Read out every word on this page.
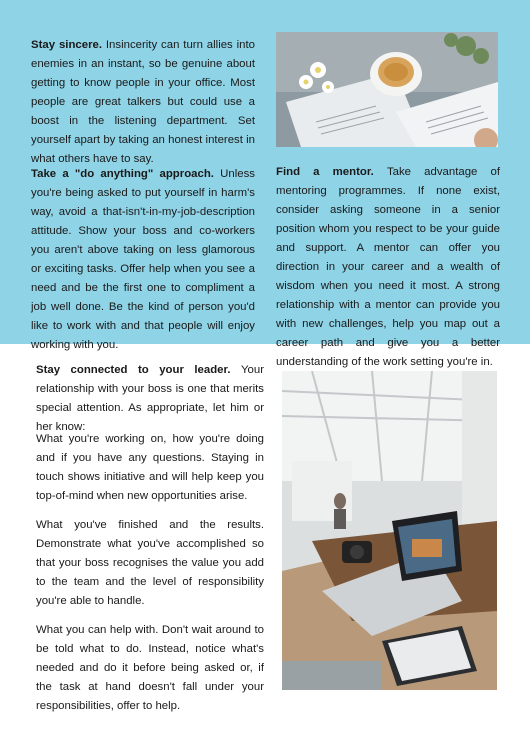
Stay sincere. Insincerity can turn allies into enemies in an instant, so be genuine about getting to know people in your office. Most people are great talkers but could use a boost in the listening department. Set yourself apart by taking an honest interest in what others have to say.

Take a "do anything" approach. Unless you're being asked to put yourself in harm's way, avoid a that-isn't-in-my-job-description attitude. Show your boss and co-workers you aren't above taking on less glamorous or exciting tasks. Offer help when you see a need and be the first one to compliment a job well done. Be the kind of person you'd like to work with and that people will enjoy working with you.

Find a mentor. Take advantage of mentoring programmes. If none exist, consider asking someone in a senior position whom you respect to be your guide and support. A mentor can offer you direction in your career and a wealth of wisdom when you need it most. A strong relationship with a mentor can provide you with new challenges, help you map out a career path and give you a better understanding of the work setting you're in.

Stay connected to your leader. Your relationship with your boss is one that merits special attention. As appropriate, let him or her know:

What you're working on, how you're doing and if you have any questions. Staying in touch shows initiative and will help keep you top-of-mind when new opportunities arise.

What you've finished and the results. Demonstrate what you've accomplished so that your boss recognises the value you add to the team and the level of responsibility you're able to handle.

What you can help with. Don't wait around to be told what to do. Instead, notice what's needed and do it before being asked or, if the task at hand doesn't fall under your responsibilities, offer to help.
